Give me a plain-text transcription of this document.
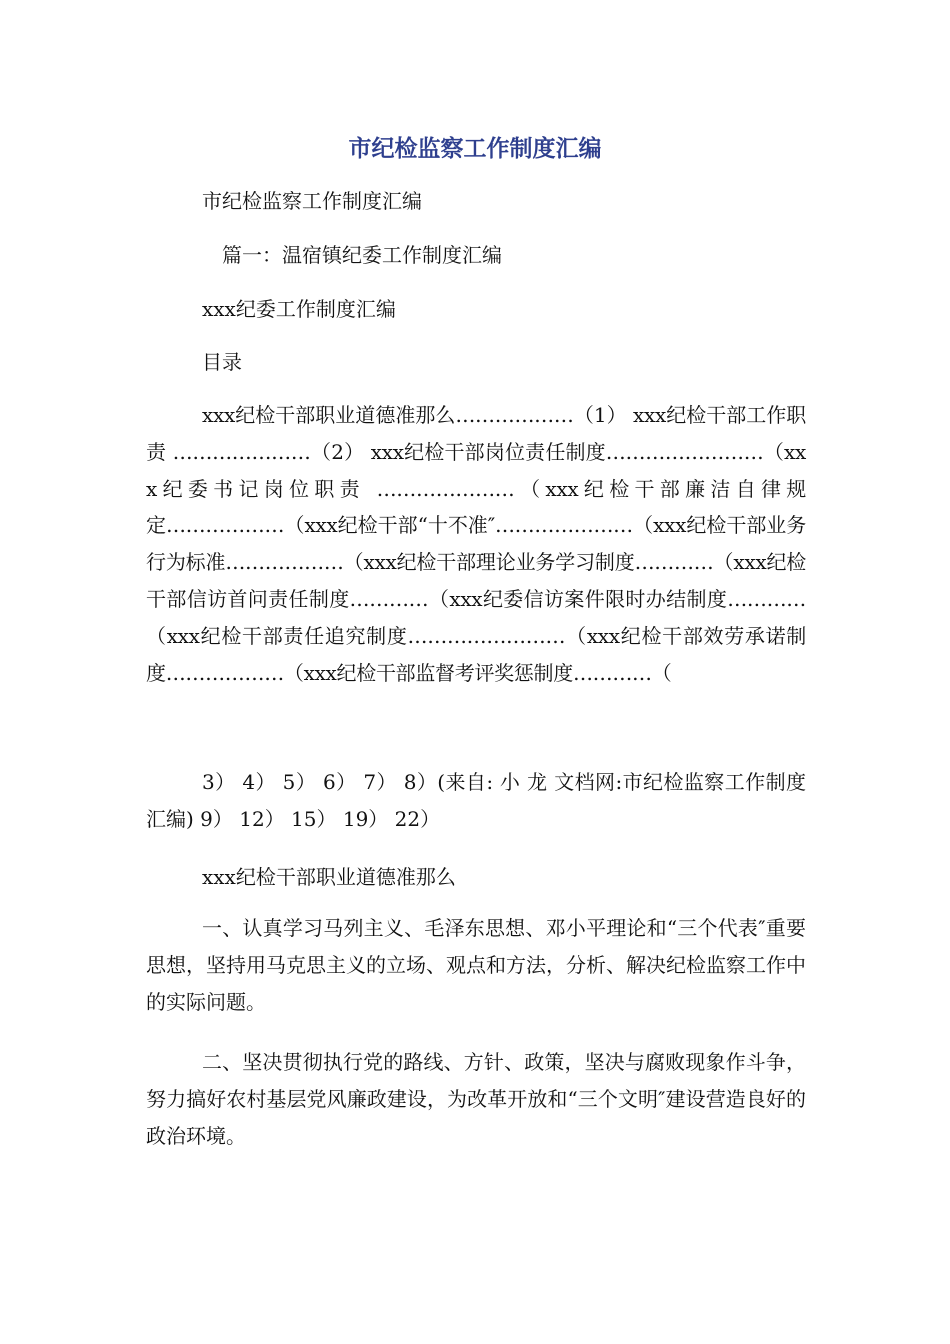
市纪检监察工作制度汇编
市纪检监察工作制度汇编
篇一：温宿镇纪委工作制度汇编
xxx纪委工作制度汇编
目录
xxx纪检干部职业道德准那么………………（1） xxx纪检干部工作职责 …………………（2） xxx纪检干部岗位责任制度……………………（xxx纪委书记岗位职责 …………………（xxx纪检干部廉洁自律规定………………（xxx纪检干部“十不准″…………………（xxx纪检干部业务行为标准………………（xxx纪检干部理论业务学习制度…………（xxx纪检干部信访首问责任制度…………（xxx纪委信访案件限时办结制度…………（xxx纪检干部责任追究制度……………………（xxx纪检干部效劳承诺制度………………（xxx纪检干部监督考评奖惩制度…………（
3） 4） 5） 6） 7） 8）(来自: 小 龙 文档网:市纪检监察工作制度汇编) 9） 12） 15） 19） 22）
xxx纪检干部职业道德准那么
一、认真学习马列主义、毛泽东思想、邓小平理论和“三个代表″重要思想，坚持用马克思主义的立场、观点和方法，分析、解决纪检监察工作中的实际问题。
二、坚决贯彻执行党的路线、方针、政策，坚决与腐败现象作斗争，努力搞好农村基层党风廉政建设，为改革开放和“三个文明″建设营造良好的政治环境。
